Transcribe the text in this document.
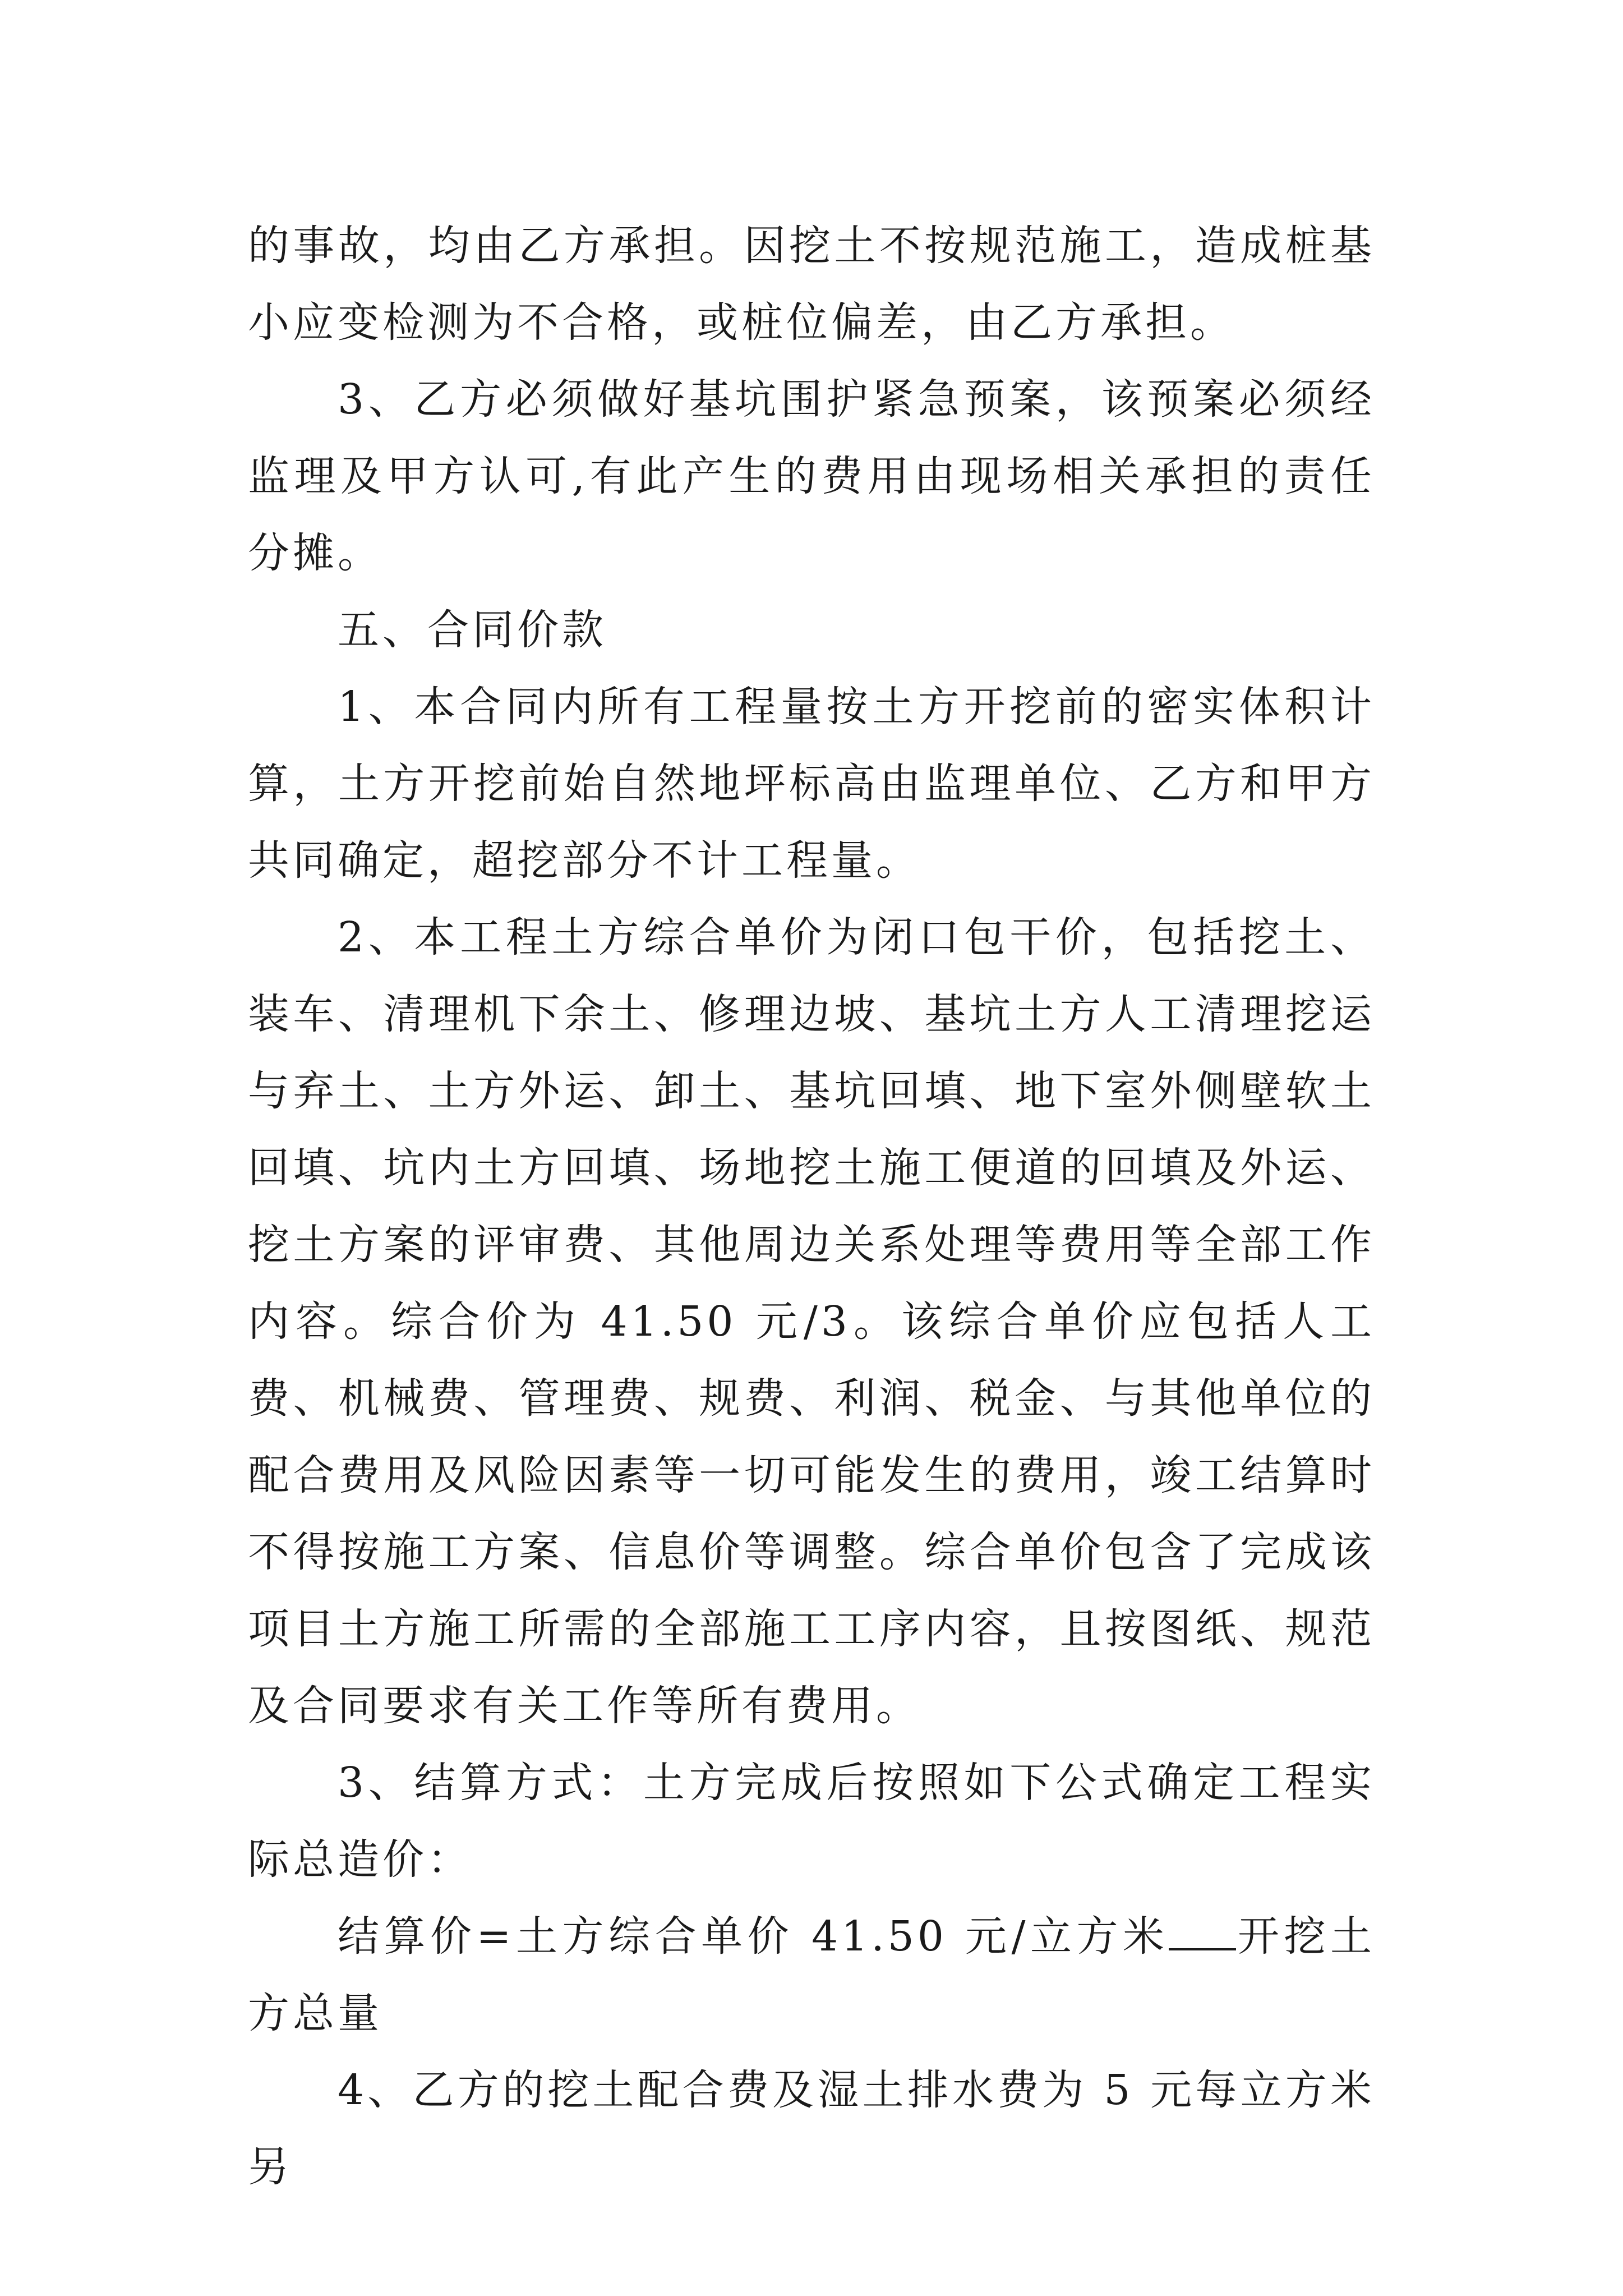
的事故，均由乙方承担。因挖土不按规范施工，造成桩基小应变检测为不合格，或桩位偏差，由乙方承担。

3、乙方必须做好基坑围护紧急预案，该预案必须经监理及甲方认可,有此产生的费用由现场相关承担的责任分摊。

五、合同价款

1、本合同内所有工程量按土方开挖前的密实体积计算，土方开挖前始自然地坪标高由监理单位、乙方和甲方共同确定，超挖部分不计工程量。

2、本工程土方综合单价为闭口包干价，包括挖土、装车、清理机下余土、修理边坡、基坑土方人工清理挖运与弃土、土方外运、卸土、基坑回填、地下室外侧壁软土回填、坑内土方回填、场地挖土施工便道的回填及外运、挖土方案的评审费、其他周边关系处理等费用等全部工作内容。综合价为 41.50 元/3。该综合单价应包括人工费、机械费、管理费、规费、利润、税金、与其他单位的配合费用及风险因素等一切可能发生的费用，竣工结算时不得按施工方案、信息价等调整。综合单价包含了完成该项目土方施工所需的全部施工工序内容，且按图纸、规范及合同要求有关工作等所有费用。

3、结算方式：土方完成后按照如下公式确定工程实际总造价：

结算价=土方综合单价 41.50 元/立方米 开挖土方总量

4、乙方的挖土配合费及湿土排水费为 5 元每立方米另
